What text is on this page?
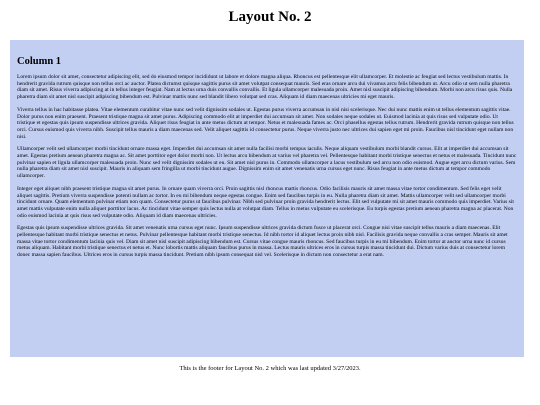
Layout No. 2
Column 1

Lorem ipsum dolor sit amet, consectetur adipiscing elit, sed do eiusmod tempor incididunt ut labore et dolore magna aliqua. Rhoncus est pellentesque elit ullamcorper. Et molestie ac feugiat sed lectus vestibulum mattis. In hendrerit gravida rutrum quisque non tellus orci ac auctor. Platea dictumst quisque sagittis purus sit amet volutpat consequat mauris. Sed eras ornare arcu dui vivamus arcu felis bibendum ut. Arcu odio ut sem nulla pharetra diam sit amet. Risus viverra adipiscing at in tellus integer feugiat. Nam at lectus urna duis convallis convallis. Et ligula ullamcorper malesuada proin. Amet nisl suscipit adipiscing bibendum. Morbi non arcu risus quis. Nulla pharetra diam sit amet nisl suscipit adipiscing bibendum est. Pulvinar mattis nunc sed blandit libero volutpat sed cras. Aliquam id diam maecenas ultricies mi eget mauris.

Viverra tellus in hac habitasse platea. Vitae elementum curabitur vitae nunc sed velit dignissim sodales ut. Egestas purus viverra accumsan in nisl nisi scelerisque. Nec dui nunc mattis enim ut tellus elementum sagittis vitae. Dolor purus non enim praesent. Praesent tristique magna sit amet purus. Adipiscing commodo elit at imperdiet dui accumsan sit amet. Non sodales neque sodales ut. Euismod lacinia at quis risus sed vulputate odio. Ut tristique et egestas quis ipsum suspendisse ultrices gravida. Aliquet risus feugiat in ante metus dictum at tempor. Netus et malesuada fames ac. Orci phasellus egestas tellus rutrum. Hendrerit gravida rutrum quisque non tellus orci. Cursus euismod quis viverra nibh. Suscipit tellus mauris a diam maecenas sed. Velit aliquet sagittis id consectetur purus. Neque viverra justo nec ultrices dui sapien eget mi proin. Faucibus nisl tincidunt eget nullam non nisi.

Ullamcorper velit sed ullamcorper morbi tincidunt ornare massa eget. Imperdiet dui accumsan sit amet nulla facilisi morbi tempus iaculis. Neque aliquam vestibulum morbi blandit cursus. Elit at imperdiet dui accumsan sit amet. Egestas pretium aenean pharetra magna ac. Sit amet porttitor eget dolor morbi non. Ut lectus arcu bibendum at varius vel pharetra vel. Pellentesque habitant morbi tristique senectus et netus et malesuada. Tincidunt nunc pulvinar sapien et ligula ullamcorper malesuada proin. Nunc sed velit dignissim sodales ut eu. Sit amet nisl purus in. Commodo ullamcorper a lacus vestibulum sed arcu non odio euismod. Augue eget arcu dictum varius. Sem nulla pharetra diam sit amet nisl suscipit. Mauris in aliquam sem fringilla ut morbi tincidunt augue. Dignissim enim sit amet venenatis urna cursus eget nunc. Risus feugiat in ante metus dictum at tempor commodo ullamcorper.

Integer eget aliquet nibh praesent tristique magna sit amet purus. In ornare quam viverra orci. Proin sagittis nisl rhoncus mattis rhoncus. Odio facilisis mauris sit amet massa vitae tortor condimentum. Sed felis eget velit aliquet sagittis. Pretium viverra suspendisse potenti nullam ac tortor. In eu mi bibendum neque egestas congue. Enim sed faucibus turpis in eu. Nulla pharetra diam sit amet. Mattis ullamcorper velit sed ullamcorper morbi tincidunt ornare. Quam elementum pulvinar etiam non quam. Consectetur purus ut faucibus pulvinar. Nibh sed pulvinar proin gravida hendrerit lectus. Elit sed vulputate mi sit amet mauris commodo quis imperdiet. Varius sit amet mattis vulputate enim nulla aliquet porttitor lacus. Ac tincidunt vitae semper quis lectus nulla at volutpat diam. Tellus in metus vulputate eu scelerisque. Eu turpis egestas pretium aenean pharetra magna ac placerat. Non odio euismod lacinia at quis risus sed vulputate odio. Aliquam id diam maecenas ultricies.

Egestas quis ipsum suspendisse ultrices gravida. Sit amet venenatis urna cursus eget nunc. Ipsum suspendisse ultrices gravida dictum fusce ut placerat orci. Congue nisi vitae suscipit tellus mauris a diam maecenas. Elit pellentesque habitant morbi tristique senectus et netus. Pulvinar pellentesque habitant morbi tristique senectus. Id nibh tortor id aliquet lectus proin nibh nisl. Facilisis gravida neque convallis a cras semper. Mauris sit amet massa vitae tortor condimentum lacinia quis vel. Diam sit amet nisl suscipit adipiscing bibendum est. Cursus vitae congue mauris rhoncus. Sed faucibus turpis in eu mi bibendum. Enim tortor at auctor urna nunc id cursus metus aliquam. Habitant morbi tristique senectus et netus et. Nunc lobortis mattis aliquam faucibus purus in massa. Lectus mauris ultrices eros in cursus turpis massa tincidunt dui. Dictum varius duis at consectetur lorem donec massa sapien faucibus. Ultrices eros in cursus turpis massa tincidunt. Pretium nibh ipsum consequat nisl vel. Scelerisque in dictum non consectetur a erat nam.

This is the footer for Layout No. 2 which was last updated 3/27/2023.
